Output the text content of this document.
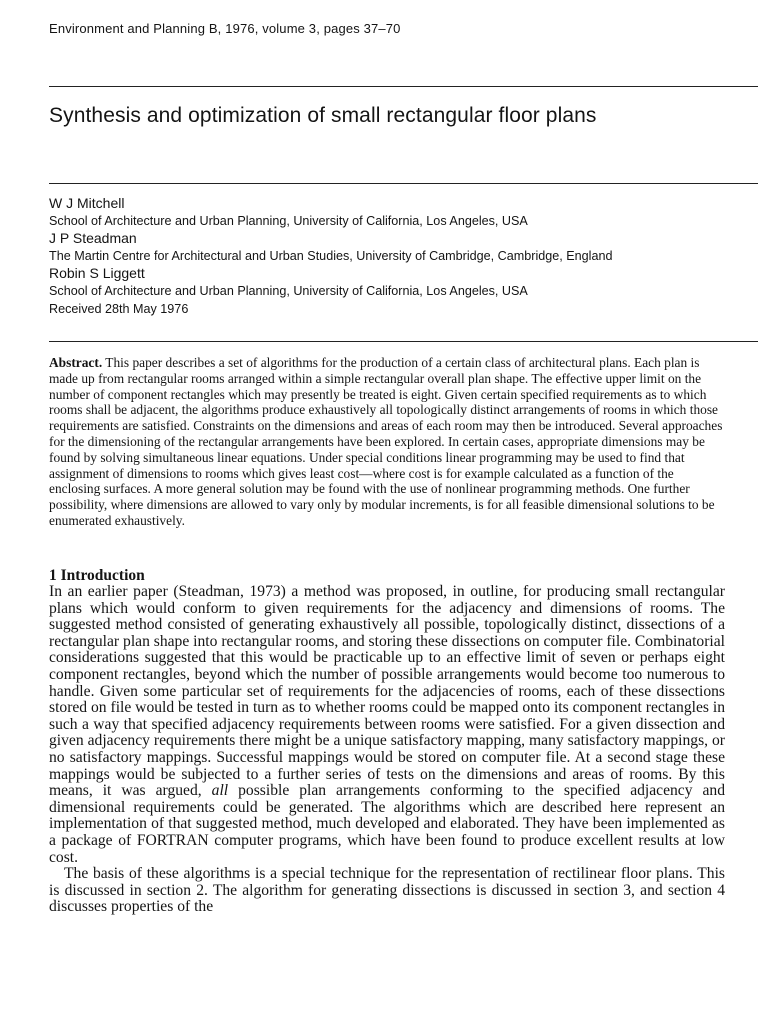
Environment and Planning B, 1976, volume 3, pages 37–70
Synthesis and optimization of small rectangular floor plans
W J Mitchell
School of Architecture and Urban Planning, University of California, Los Angeles, USA
J P Steadman
The Martin Centre for Architectural and Urban Studies, University of Cambridge, Cambridge, England
Robin S Liggett
School of Architecture and Urban Planning, University of California, Los Angeles, USA
Received 28th May 1976

Abstract. This paper describes a set of algorithms for the production of a certain class of architectural plans. Each plan is made up from rectangular rooms arranged within a simple rectangular overall plan shape. The effective upper limit on the number of component rectangles which may presently be treated is eight. Given certain specified requirements as to which rooms shall be adjacent, the algorithms produce exhaustively all topologically distinct arrangements of rooms in which those requirements are satisfied. Constraints on the dimensions and areas of each room may then be introduced. Several approaches for the dimensioning of the rectangular arrangements have been explored. In certain cases, appropriate dimensions may be found by solving simultaneous linear equations. Under special conditions linear programming may be used to find that assignment of dimensions to rooms which gives least cost—where cost is for example calculated as a function of the enclosing surfaces. A more general solution may be found with the use of nonlinear programming methods. One further possibility, where dimensions are allowed to vary only by modular increments, is for all feasible dimensional solutions to be enumerated exhaustively.

1 Introduction

In an earlier paper (Steadman, 1973) a method was proposed, in outline, for producing small rectangular plans which would conform to given requirements for the adjacency and dimensions of rooms. The suggested method consisted of generating exhaustively all possible, topologically distinct, dissections of a rectangular plan shape into rectangular rooms, and storing these dissections on computer file. Combinatorial considerations suggested that this would be practicable up to an effective limit of seven or perhaps eight component rectangles, beyond which the number of possible arrangements would become too numerous to handle. Given some particular set of requirements for the adjacencies of rooms, each of these dissections stored on file would be tested in turn as to whether rooms could be mapped onto its component rectangles in such a way that specified adjacency requirements between rooms were satisfied. For a given dissection and given adjacency requirements there might be a unique satisfactory mapping, many satisfactory mappings, or no satisfactory mappings. Successful mappings would be stored on computer file. At a second stage these mappings would be subjected to a further series of tests on the dimensions and areas of rooms. By this means, it was argued, all possible plan arrangements conforming to the specified adjacency and dimensional requirements could be generated. The algorithms which are described here represent an implementation of that suggested method, much developed and elaborated. They have been implemented as a package of FORTRAN computer programs, which have been found to produce excellent results at low cost.

The basis of these algorithms is a special technique for the representation of rectilinear floor plans. This is discussed in section 2. The algorithm for generating dissections is discussed in section 3, and section 4 discusses properties of the
